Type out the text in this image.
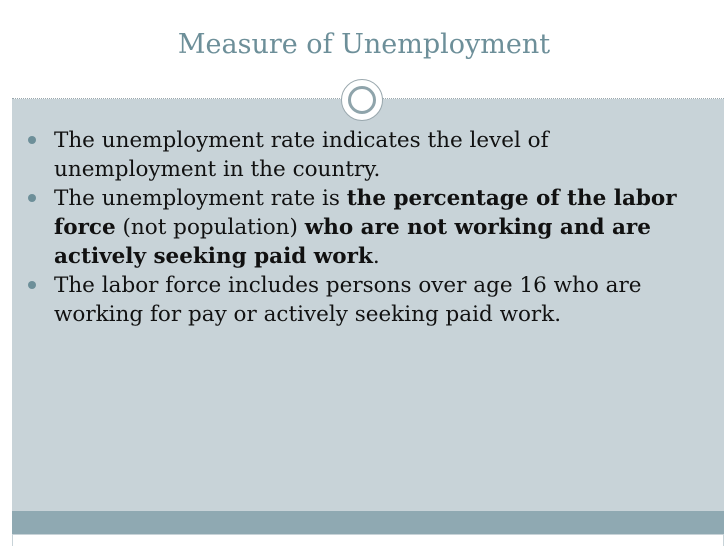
Measure of Unemployment
The unemployment rate indicates the level of unemployment in the country.
The unemployment rate is the percentage of the labor force (not population) who are not working and are actively seeking paid work.
The labor force includes persons over age 16 who are working for pay or actively seeking paid work.
